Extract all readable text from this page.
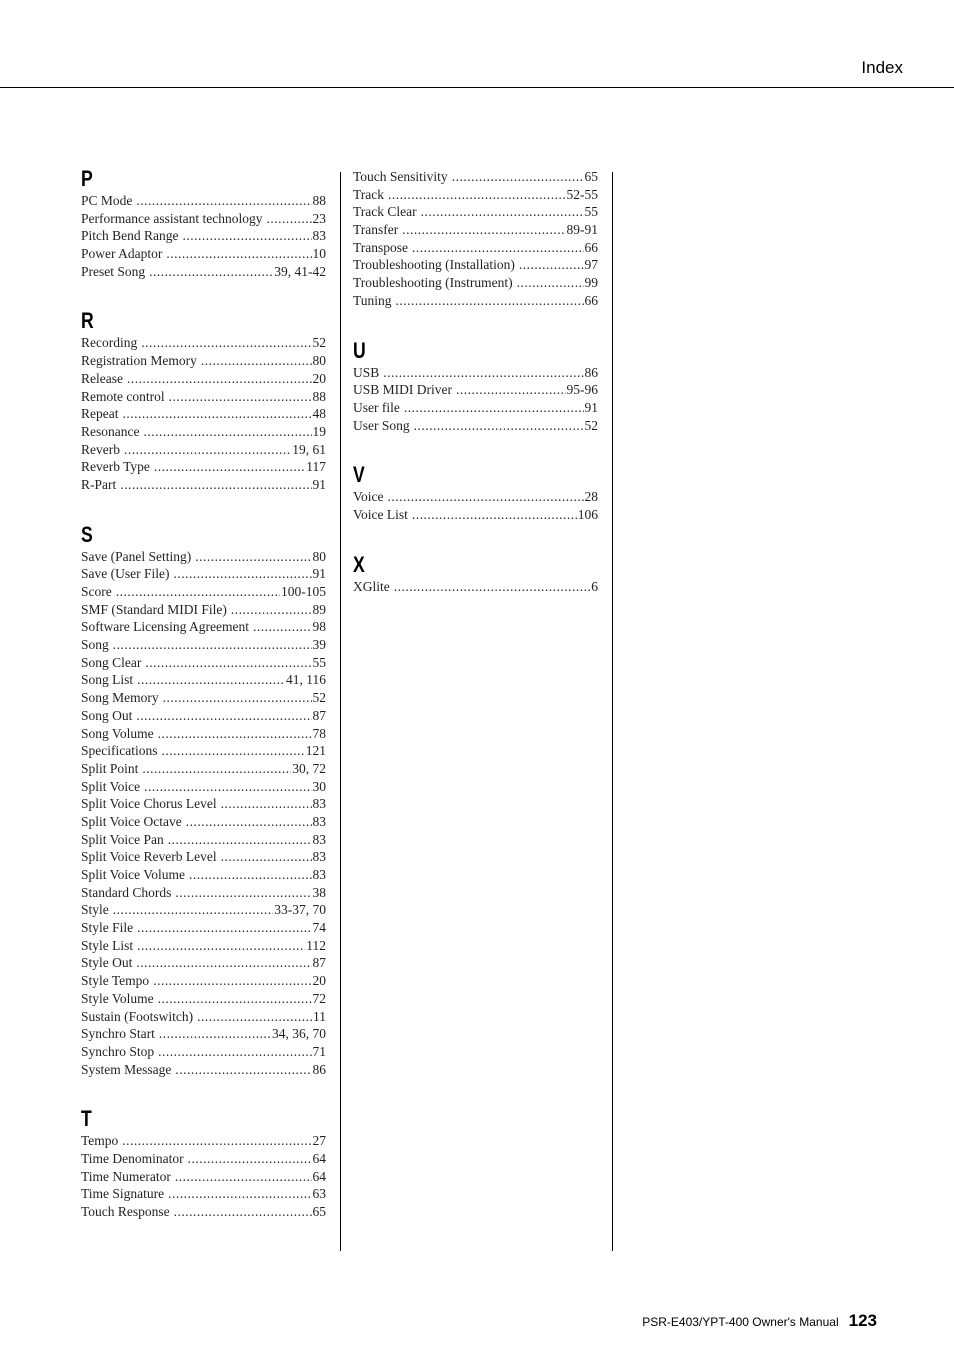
Index
P
PC Mode .....	88
Performance assistant technology .....	23
Pitch Bend Range .....	83
Power Adaptor .....	10
Preset Song .....	39, 41-42
R
Recording .....	52
Registration Memory .....	80
Release .....	20
Remote control .....	88
Repeat .....	48
Resonance .....	19
Reverb .....	19, 61
Reverb Type .....	117
R-Part .....	91
S
Save (Panel Setting) .....	80
Save (User File) .....	91
Score .....	100-105
SMF (Standard MIDI File) .....	89
Software Licensing Agreement .....	98
Song .....	39
Song Clear .....	55
Song List .....	41, 116
Song Memory .....	52
Song Out .....	87
Song Volume .....	78
Specifications .....	121
Split Point .....	30, 72
Split Voice .....	30
Split Voice Chorus Level .....	83
Split Voice Octave .....	83
Split Voice Pan .....	83
Split Voice Reverb Level .....	83
Split Voice Volume .....	83
Standard Chords .....	38
Style .....	33-37, 70
Style File .....	74
Style List .....	112
Style Out .....	87
Style Tempo .....	20
Style Volume .....	72
Sustain (Footswitch) .....	11
Synchro Start .....	34, 36, 70
Synchro Stop .....	71
System Message .....	86
T
Tempo .....	27
Time Denominator .....	64
Time Numerator .....	64
Time Signature .....	63
Touch Response .....	65
Touch Sensitivity .....	65
Track .....	52-55
Track Clear .....	55
Transfer .....	89-91
Transpose .....	66
Troubleshooting (Installation) .....	97
Troubleshooting (Instrument) .....	99
Tuning .....	66
U
USB .....	86
USB MIDI Driver .....	95-96
User file .....	91
User Song .....	52
V
Voice .....	28
Voice List .....	106
X
XGlite .....	6
PSR-E403/YPT-400 Owner's Manual 123
